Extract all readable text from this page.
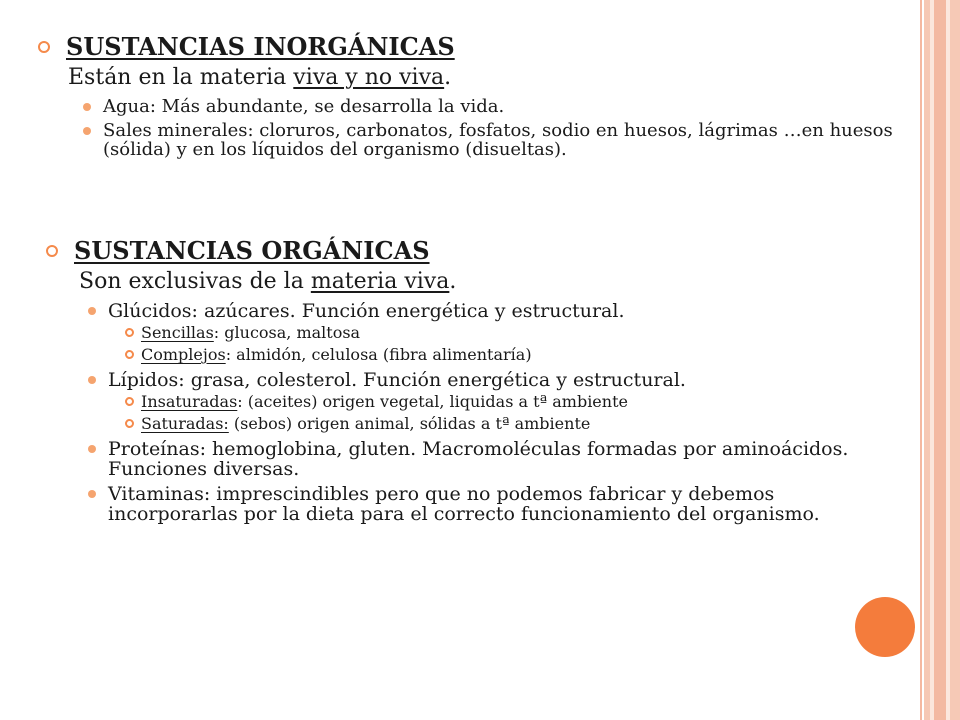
SUSTANCIAS INORGÁNICAS
Están en la materia viva y no viva.
Agua: Más abundante, se desarrolla la vida.
Sales minerales: cloruros, carbonatos, fosfatos, sodio en huesos, lágrimas …en huesos (sólida) y en los líquidos del organismo (disueltas).
SUSTANCIAS ORGÁNICAS
Son exclusivas de la materia viva.
Glúcidos: azúcares. Función energética y estructural.
Sencillas: glucosa, maltosa
Complejos: almidón, celulosa (fibra alimentaría)
Lípidos: grasa, colesterol. Función energética y estructural.
Insaturadas: (aceites) origen vegetal, liquidas a tª ambiente
Saturadas: (sebos) origen animal, sólidas a tª ambiente
Proteínas: hemoglobina, gluten. Macromoléculas formadas por aminoácidos. Funciones diversas.
Vitaminas: imprescindibles pero que no podemos fabricar y debemos incorporarlas por la dieta para el correcto funcionamiento del organismo.
